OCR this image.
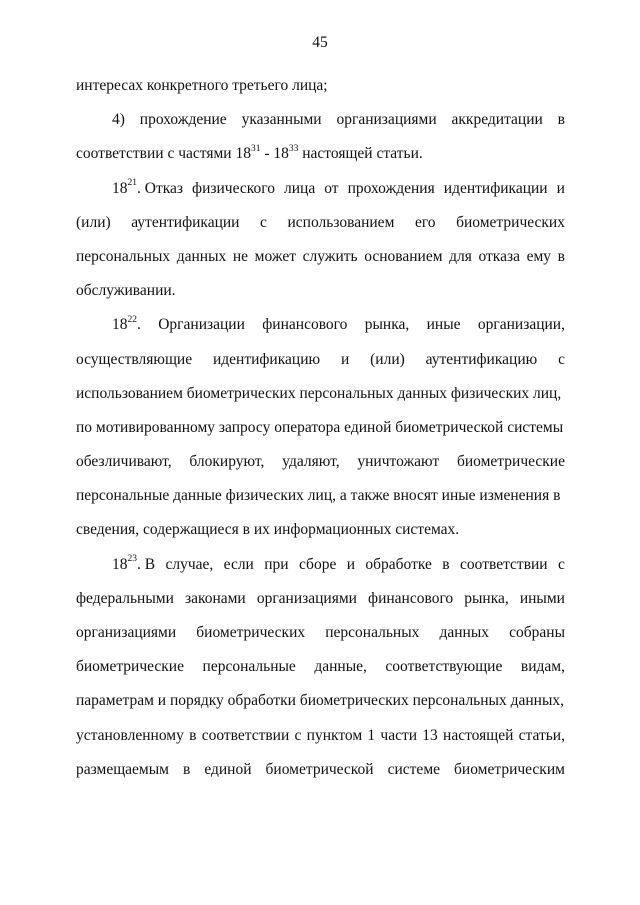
45
интересах конкретного третьего лица;
4) прохождение указанными организациями аккредитации в
соответствии с частями $18^{31} - 18^{33}$ настоящей статьи.
$18^{21}$. Отказ физического лица от прохождения идентификации и
(или) аутентификации с использованием его биометрических
персональных данных не может служить основанием для отказа ему в
обслуживании.
$18^{22}$. Организации финансового рынка, иные организации,
осуществляющие идентификацию и (или) аутентификацию с
использованием биометрических персональных данных физических лиц,
по мотивированному запросу оператора единой биометрической системы
обезличивают, блокируют, удаляют, уничтожают биометрические
персональные данные физических лиц, а также вносят иные изменения в
сведения, содержащиеся в их информационных системах.
$18^{23}$. В случае, если при сборе и обработке в соответствии с
федеральными законами организациями финансового рынка, иными
организациями биометрических персональных данных собраны
биометрические персональные данные, соответствующие видам,
параметрам и порядку обработки биометрических персональных данных,
установленному в соответствии с пунктом 1 части 13 настоящей статьи,
размещаемым в единой биометрической системе биометрическим
